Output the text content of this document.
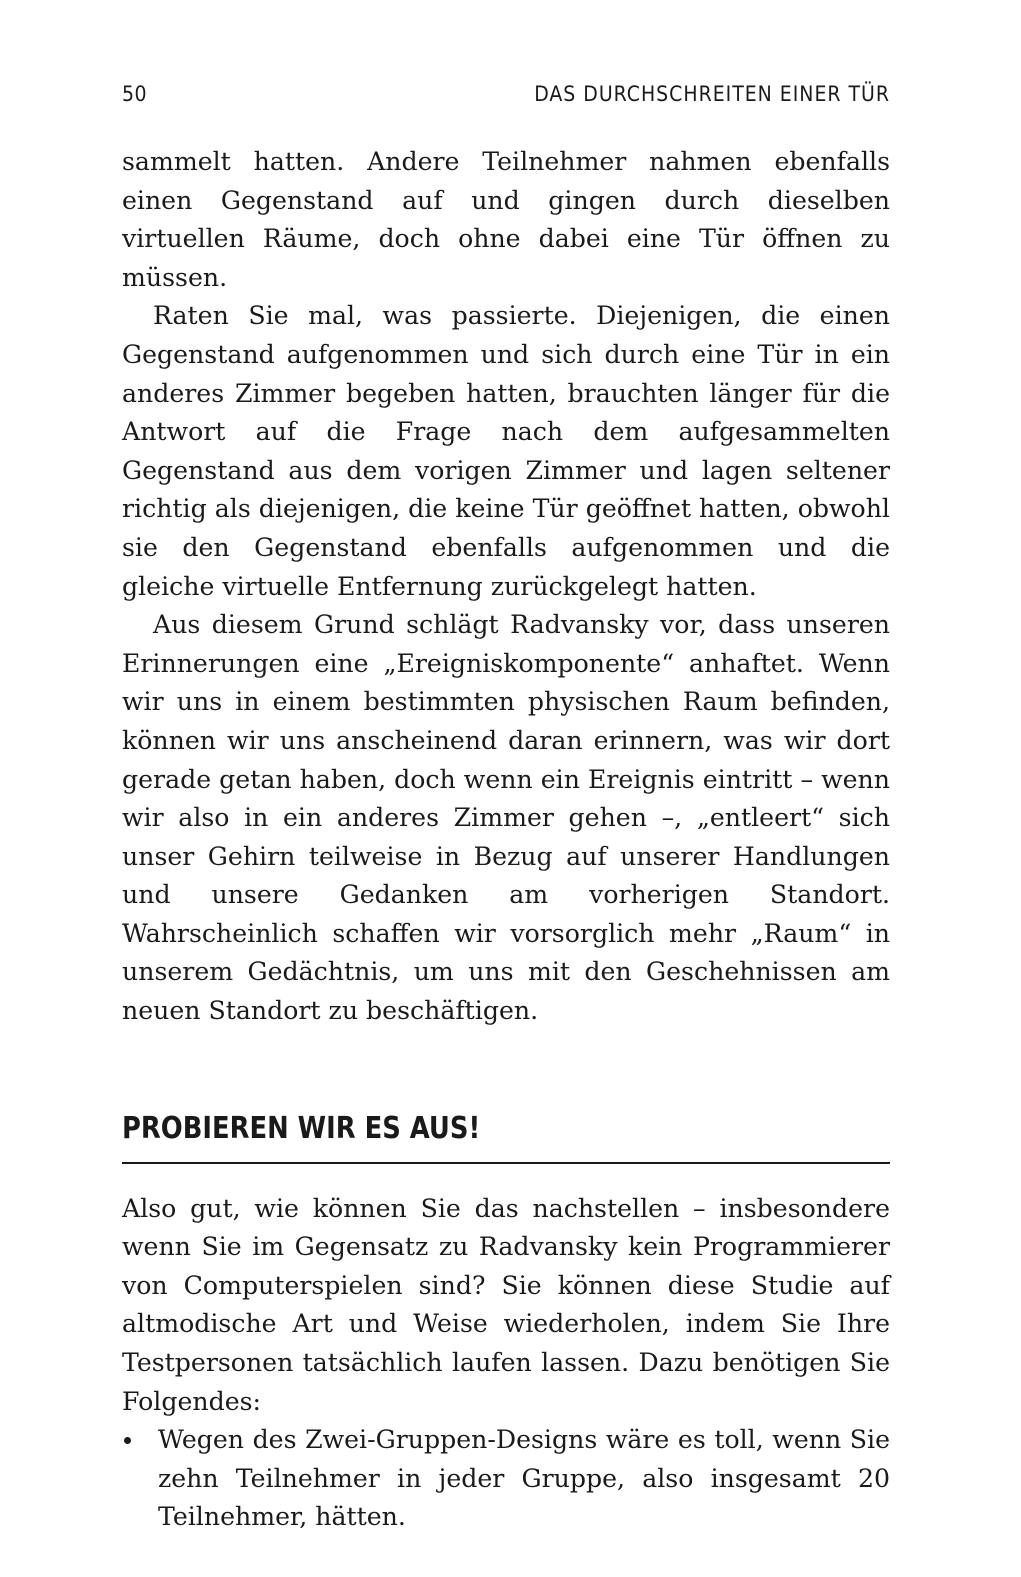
50	DAS DURCHSCHREITEN EINER TÜR

sammelt hatten. Andere Teilnehmer nahmen ebenfalls einen Gegenstand auf und gingen durch dieselben virtuellen Räume, doch ohne dabei eine Tür öffnen zu müssen.

Raten Sie mal, was passierte. Diejenigen, die einen Gegenstand aufgenommen und sich durch eine Tür in ein anderes Zimmer begeben hatten, brauchten länger für die Antwort auf die Frage nach dem aufgesammelten Gegenstand aus dem vorigen Zimmer und lagen seltener richtig als diejenigen, die keine Tür geöffnet hatten, obwohl sie den Gegenstand ebenfalls aufgenommen und die gleiche virtuelle Entfernung zurückgelegt hatten.

Aus diesem Grund schlägt Radvansky vor, dass unseren Erinnerungen eine „Ereigniskomponente“ anhaftet. Wenn wir uns in einem bestimmten physischen Raum befinden, können wir uns anscheinend daran erinnern, was wir dort gerade getan haben, doch wenn ein Ereignis eintritt – wenn wir also in ein anderes Zimmer gehen –, „entleert“ sich unser Gehirn teilweise in Bezug auf unserer Handlungen und unsere Gedanken am vorherigen Standort. Wahrscheinlich schaffen wir vorsorglich mehr „Raum“ in unserem Gedächtnis, um uns mit den Geschehnissen am neuen Standort zu beschäftigen.

PROBIEREN WIR ES AUS!

Also gut, wie können Sie das nachstellen – insbesondere wenn Sie im Gegensatz zu Radvansky kein Programmierer von Computerspielen sind? Sie können diese Studie auf altmodische Art und Weise wiederholen, indem Sie Ihre Testpersonen tatsächlich laufen lassen. Dazu benötigen Sie Folgendes:

Wegen des Zwei-Gruppen-Designs wäre es toll, wenn Sie zehn Teilnehmer in jeder Gruppe, also insgesamt 20 Teilnehmer, hätten.
